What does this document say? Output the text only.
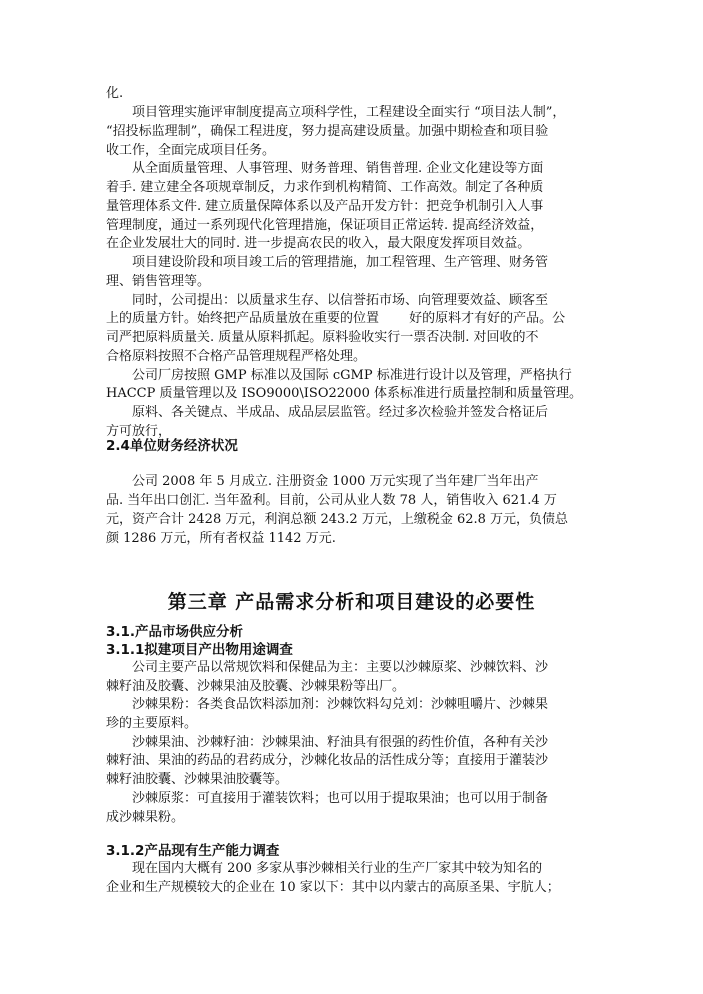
化.
　　项目管理实施评审制度提高立项科学性，工程建设全面实行 “项目法人制”，
“招投标监理制”，确保工程进度，努力提高建设质量。加强中期检查和项目验
收工作，全面完成项目任务。
　　从全面质量管理、人事管理、财务普理、销售普理. 企业文化建设等方面
着手. 建立建全各项规章制反，力求作到机构精简、工作高效。制定了各种质
量管理体系文件. 建立质量保障体系以及产品开发方针：把竞争机制引入人事
管理制度，通过一系列现代化管理措施，保证项目正常运转. 提高经济效益，
在企业发展壮大的同时. 进一步提高农民的收入，最大限度发挥项目效益。
　　项目建设阶段和项目竣工后的管理措施，加工程管理、生产管理、财务管
理、销售管理等。
　　同时，公司提出：以质量求生存、以信誉拓市场、向管理要效益、顾客至
上的质量方针。始终把产品质量放在重要的位置 　　好的原料才有好的产品。公
司严把原料质量关. 质量从原料抓起。原料验收实行一票否决制. 对回收的不
合格原料按照不合格产品管理规程严格处理。
　　公司厂房按照 GMP 标准以及国际 cGMP 标准进行设计以及管理，严格执行
HACCP 质量管理以及 ISO9000\ISO22000 体系标准进行质量控制和质量管理。
　　原料、各关键点、半成品、成品层层监管。经过多次检验并签发合格证后
方可放行，
2.4单位财务经济状况
　　公司 2008 年 5 月成立. 注册资金 1000 万元实现了当年建厂当年出产
品. 当年出口创汇. 当年盈利。目前，公司从业人数 78 人，销售收入 621.4 万
元，资产合计 2428 万元，利润总额 243.2 万元，上缴税金 62.8 万元，负债总
颜 1286 万元，所有者权益 1142 万元.
第三章 产品需求分析和项目建设的必要性
3.1.产品市场供应分析
3.1.1拟建项目产出物用途调查
　　公司主要产品以常规饮料和保健品为主：主要以沙棘原桨、沙棘饮料、沙
棘籽油及胶囊、沙棘果油及胶囊、沙棘果粉等出厂。
　　沙棘果粉：各类食品饮料添加剂：沙棘饮料勾兑刘：沙棘咀嚼片、沙棘果
珍的主要原料。
　　沙棘果油、沙棘籽油：沙棘果油、籽油具有很强的药性价值，各种有关沙
棘籽油、果油的药品的君药成分，沙棘化妆品的活性成分等；直接用于灌装沙
棘籽油胶囊、沙棘果油胶囊等。
　　沙棘原浆：可直接用于灌装饮料；也可以用于提取果油；也可以用于制备
成沙棘果粉。
3.1.2产品现有生产能力调查
　　现在国内大概有 200 多家从事沙棘相关行业的生产厂家其中较为知名的
企业和生产规模较大的企业在 10 家以下：其中以内蒙古的高原圣果、宇肮人；
